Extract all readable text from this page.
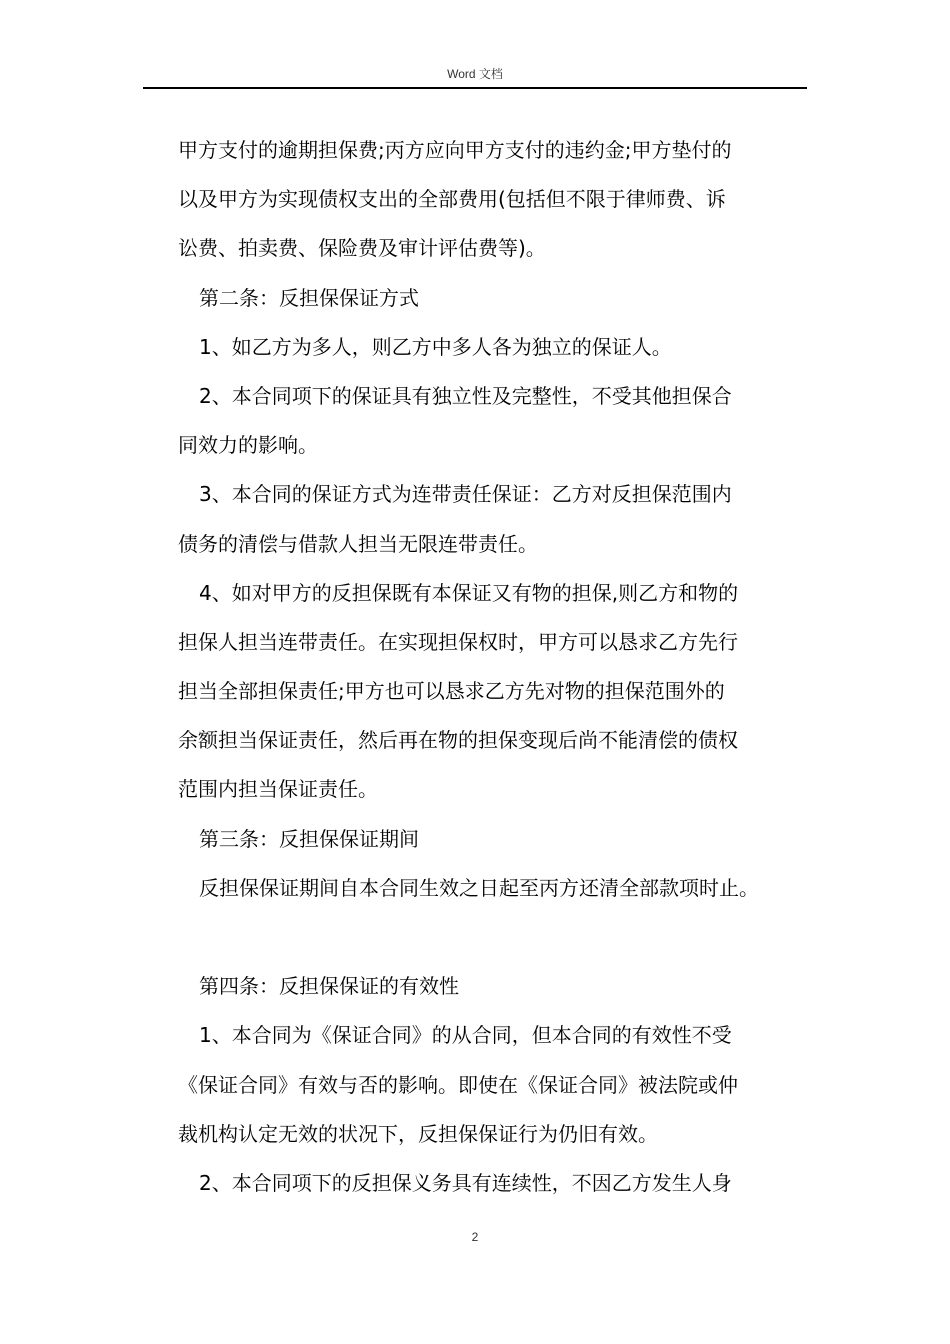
Word 文档
甲方支付的逾期担保费;丙方应向甲方支付的违约金;甲方垫付的
以及甲方为实现债权支出的全部费用(包括但不限于律师费、诉
讼费、拍卖费、保险费及审计评估费等)。
第二条：反担保保证方式
1、如乙方为多人，则乙方中多人各为独立的保证人。
2、本合同项下的保证具有独立性及完整性，不受其他担保合
同效力的影响。
3、本合同的保证方式为连带责任保证：乙方对反担保范围内
债务的清偿与借款人担当无限连带责任。
4、如对甲方的反担保既有本保证又有物的担保,则乙方和物的
担保人担当连带责任。在实现担保权时，甲方可以恳求乙方先行
担当全部担保责任;甲方也可以恳求乙方先对物的担保范围外的
余额担当保证责任，然后再在物的担保变现后尚不能清偿的债权
范围内担当保证责任。
第三条：反担保保证期间
反担保保证期间自本合同生效之日起至丙方还清全部款项时止。
第四条：反担保保证的有效性
1、本合同为《保证合同》的从合同，但本合同的有效性不受
《保证合同》有效与否的影响。即使在《保证合同》被法院或仲
裁机构认定无效的状况下，反担保保证行为仍旧有效。
2、本合同项下的反担保义务具有连续性，不因乙方发生人身
2
